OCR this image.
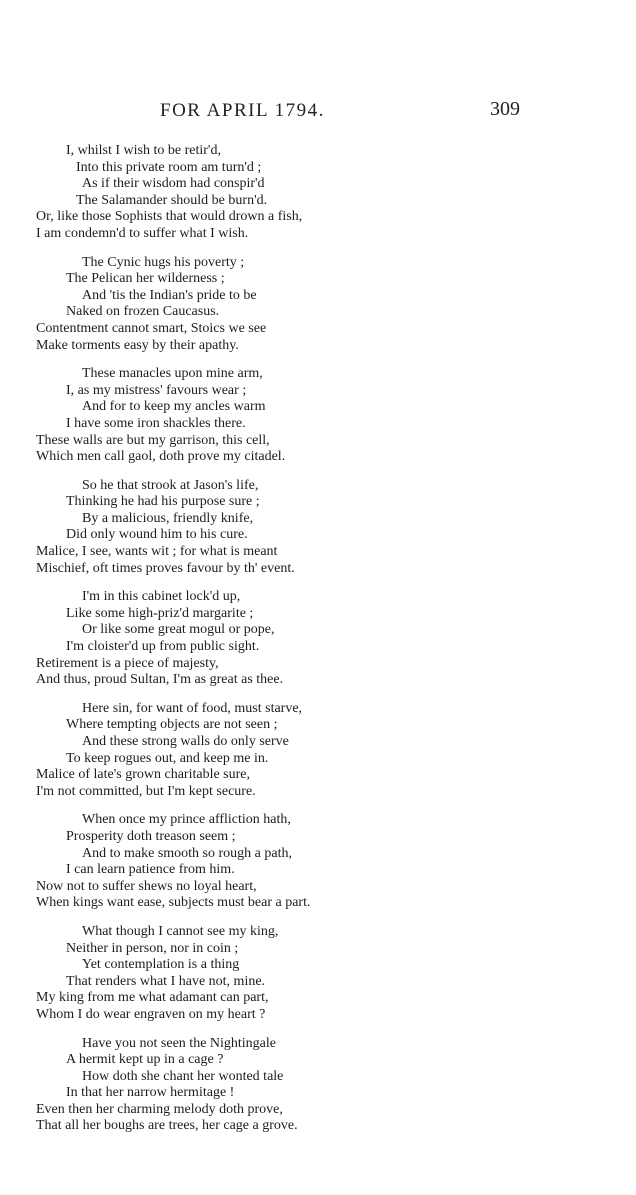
FOR APRIL 1794.	309
I, whilst I wish to be retir'd,
Into this private room am turn'd ;
As if their wisdom had conspir'd
The Salamander should be burn'd.
Or, like those Sophists that would drown a fish,
I am condemn'd to suffer what I wish.
The Cynic hugs his poverty ;
The Pelican her wilderness ;
And 'tis the Indian's pride to be
Naked on frozen Caucasus.
Contentment cannot smart, Stoics we see
Make torments easy by their apathy.
These manacles upon mine arm,
I, as my mistress' favours wear ;
And for to keep my ancles warm
I have some iron shackles there.
These walls are but my garrison, this cell,
Which men call gaol, doth prove my citadel.
So he that strook at Jason's life,
Thinking he had his purpose sure ;
By a malicious, friendly knife,
Did only wound him to his cure.
Malice, I see, wants wit ; for what is meant
Mischief, oft times proves favour by th' event.
I'm in this cabinet lock'd up,
Like some high-priz'd margarite ;
Or like some great mogul or pope,
I'm cloister'd up from public sight.
Retirement is a piece of majesty,
And thus, proud Sultan, I'm as great as thee.
Here sin, for want of food, must starve,
Where tempting objects are not seen ;
And these strong walls do only serve
To keep rogues out, and keep me in.
Malice of late's grown charitable sure,
I'm not committed, but I'm kept secure.
When once my prince affliction hath,
Prosperity doth treason seem ;
And to make smooth so rough a path,
I can learn patience from him.
Now not to suffer shews no loyal heart,
When kings want ease, subjects must bear a part.
What though I cannot see my king,
Neither in person, nor in coin ;
Yet contemplation is a thing
That renders what I have not, mine.
My king from me what adamant can part,
Whom I do wear engraven on my heart ?
Have you not seen the Nightingale
A hermit kept up in a cage ?
How doth she chant her wonted tale
In that her narrow hermitage !
Even then her charming melody doth prove,
That all her boughs are trees, her cage a grove.
